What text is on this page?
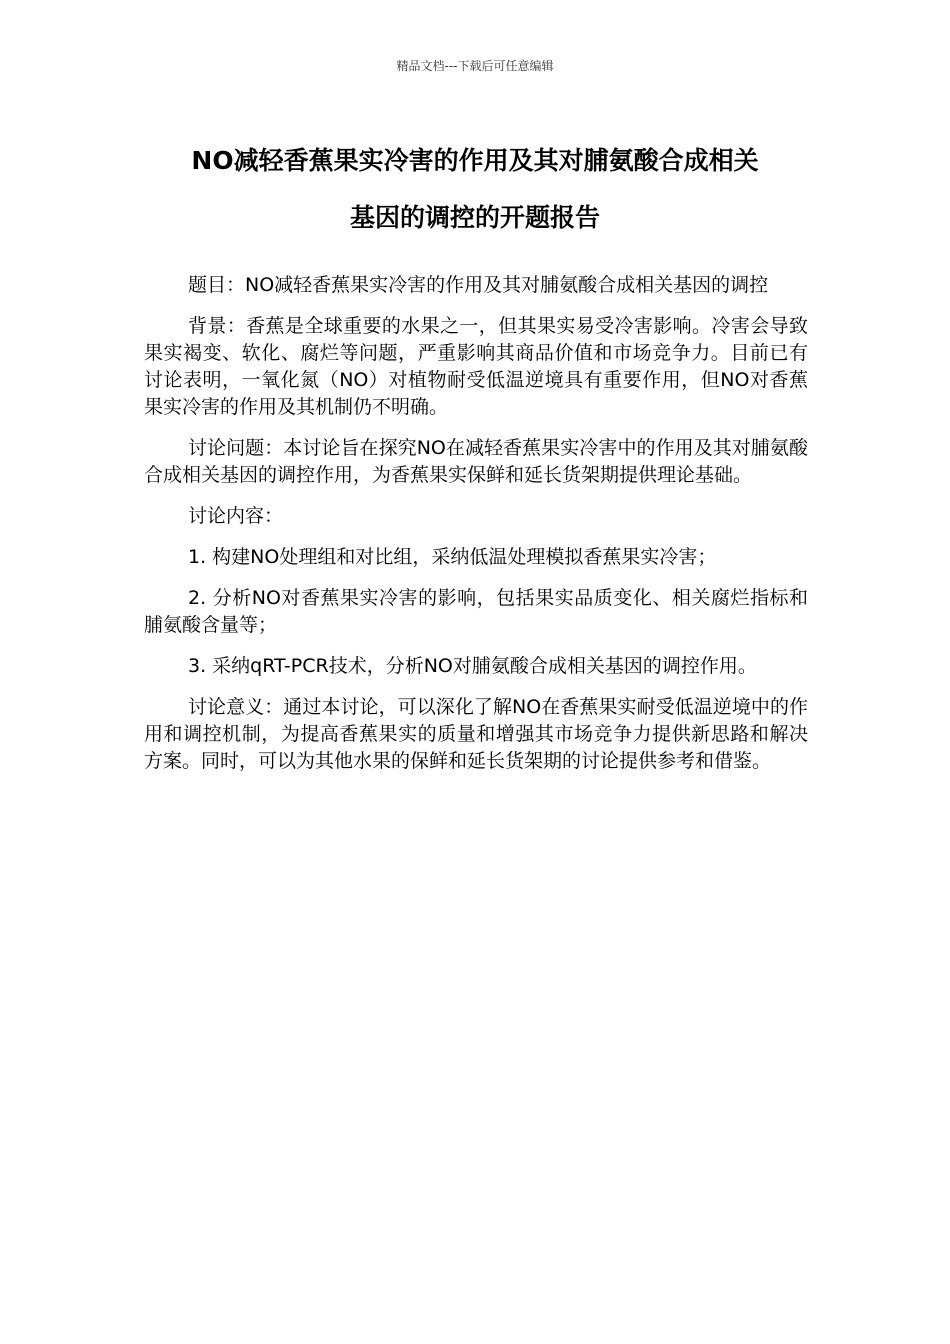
精品文档---下载后可任意编辑
NO减轻香蕉果实冷害的作用及其对脯氨酸合成相关
基因的调控的开题报告

题目：NO减轻香蕉果实冷害的作用及其对脯氨酸合成相关基因的调控

背景：香蕉是全球重要的水果之一，但其果实易受冷害影响。冷害会导致果实褐变、软化、腐烂等问题，严重影响其商品价值和市场竞争力。目前已有讨论表明，一氧化氮（NO）对植物耐受低温逆境具有重要作用，但NO对香蕉果实冷害的作用及其机制仍不明确。

讨论问题：本讨论旨在探究NO在减轻香蕉果实冷害中的作用及其对脯氨酸合成相关基因的调控作用，为香蕉果实保鲜和延长货架期提供理论基础。

讨论内容：

1. 构建NO处理组和对比组，采纳低温处理模拟香蕉果实冷害；

2. 分析NO对香蕉果实冷害的影响，包括果实品质变化、相关腐烂指标和脯氨酸含量等；

3. 采纳qRT-PCR技术，分析NO对脯氨酸合成相关基因的调控作用。

讨论意义：通过本讨论，可以深化了解NO在香蕉果实耐受低温逆境中的作用和调控机制，为提高香蕉果实的质量和增强其市场竞争力提供新思路和解决方案。同时，可以为其他水果的保鲜和延长货架期的讨论提供参考和借鉴。
